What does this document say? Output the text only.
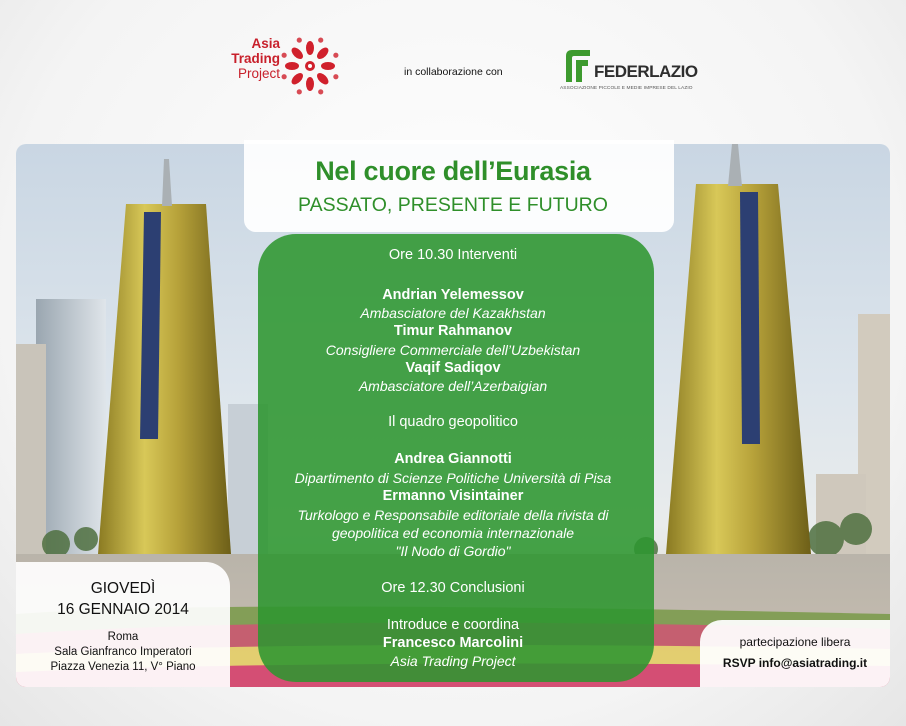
Asia
Trading
Project	in collaborazione con	FEDERLAZIO
ASSOCIAZIONE PICCOLE E MEDIE IMPRESE DEL LAZIO
Nel cuore dell’Eurasia
PASSATO, PRESENTE E FUTURO
Ore 10.30 Interventi
Andrian Yelemessov
Ambasciatore del Kazakhstan
Timur Rahmanov
Consigliere Commerciale dell’Uzbekistan
Vaqif Sadiqov
Ambasciatore dell’Azerbaigian
Il quadro geopolitico
Andrea Giannotti
Dipartimento di Scienze Politiche Università di Pisa
Ermanno Visintainer
Turkologo e Responsabile editoriale della rivista di
geopolitica ed economia internazionale
"Il Nodo di Gordio"
Ore 12.30 Conclusioni
Introduce e coordina
Francesco Marcolini
Asia Trading Project
GIOVEDÌ
16 GENNAIO 2014
Roma
Sala Gianfranco Imperatori
Piazza Venezia 11, V° Piano
partecipazione libera
RSVP info@asiatrading.it
